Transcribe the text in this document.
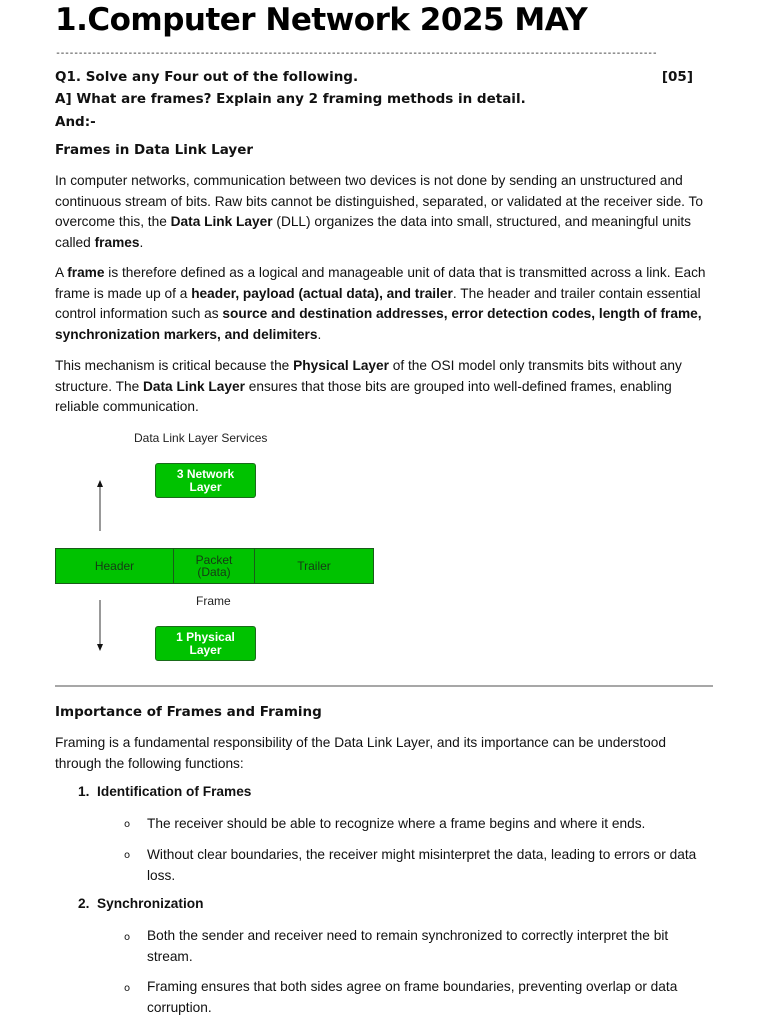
1.Computer Network 2025 MAY
-------------------------------------------------------------------------------------------------------------------------------------
Q1. Solve any Four out of the following.	[05]
A] What are frames? Explain any 2 framing methods in detail.
And:-
Frames in Data Link Layer

In computer networks, communication between two devices is not done by sending an unstructured and continuous stream of bits. Raw bits cannot be distinguished, separated, or validated at the receiver side. To overcome this, the Data Link Layer (DLL) organizes the data into small, structured, and meaningful units called frames.

A frame is therefore defined as a logical and manageable unit of data that is transmitted across a link. Each frame is made up of a header, payload (actual data), and trailer. The header and trailer contain essential control information such as source and destination addresses, error detection codes, length of frame, synchronization markers, and delimiters.

This mechanism is critical because the Physical Layer of the OSI model only transmits bits without any structure. The Data Link Layer ensures that those bits are grouped into well-defined frames, enabling reliable communication.

Data Link Layer Services
3 Network Layer
Header	Packet (Data)	Trailer
Frame
1 Physical Layer
Importance of Frames and Framing

Framing is a fundamental responsibility of the Data Link Layer, and its importance can be understood through the following functions:

1. Identification of Frames
o The receiver should be able to recognize where a frame begins and where it ends.

o Without clear boundaries, the receiver might misinterpret the data, leading to errors or data loss.

2. Synchronization
o Both the sender and receiver need to remain synchronized to correctly interpret the bit stream.

o Framing ensures that both sides agree on frame boundaries, preventing overlap or data corruption.
